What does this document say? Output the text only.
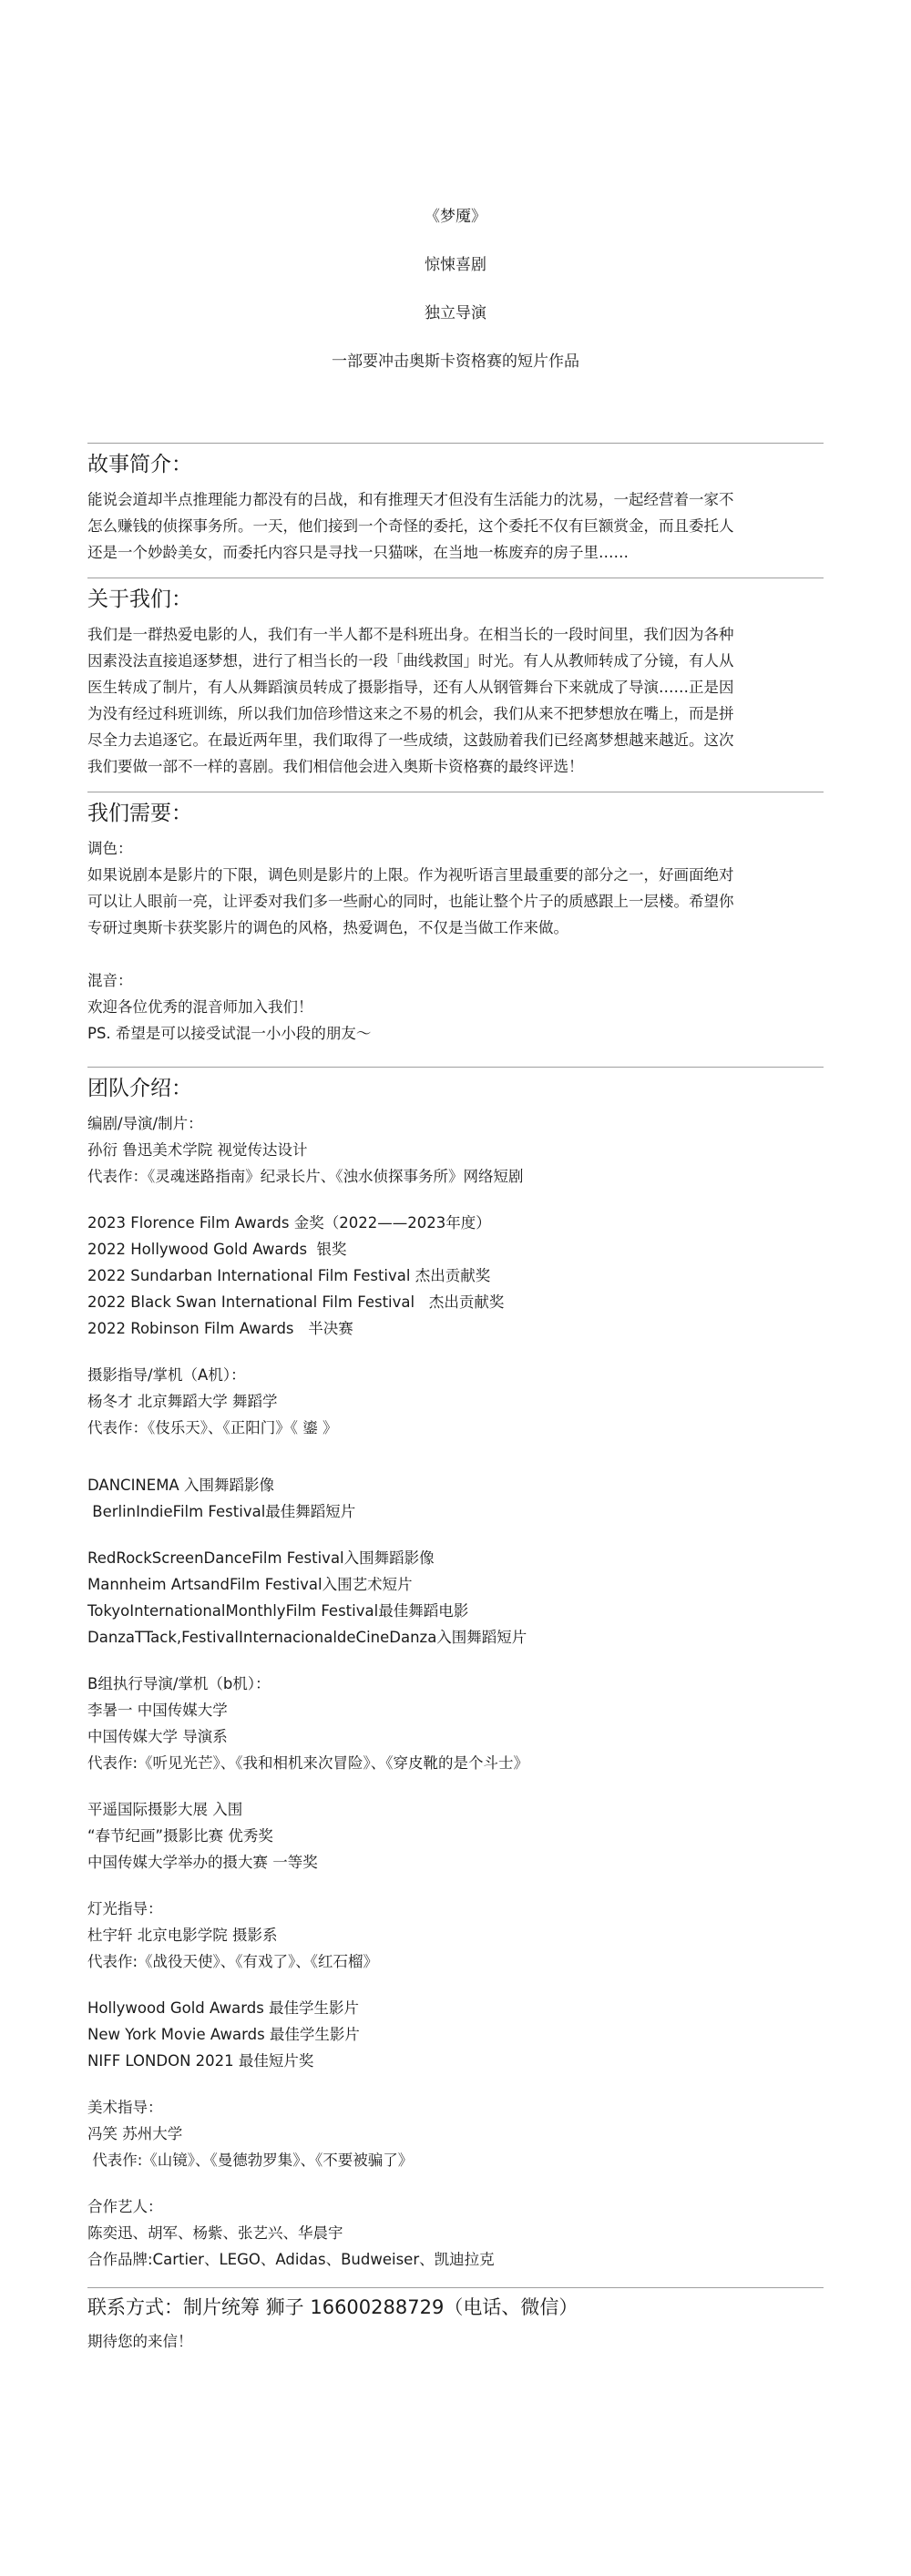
《梦魇》

惊悚喜剧

独立导演

一部要冲击奥斯卡资格赛的短片作品

故事简介：

能说会道却半点推理能力都没有的吕战，和有推理天才但没有生活能力的沈易，一起经营着一家不
怎么赚钱的侦探事务所。一天，他们接到一个奇怪的委托，这个委托不仅有巨额赏金，而且委托人
还是一个妙龄美女，而委托内容只是寻找一只猫咪，在当地一栋废弃的房子里……

关于我们：

我们是一群热爱电影的人，我们有一半人都不是科班出身。在相当长的一段时间里，我们因为各种
因素没法直接追逐梦想，进行了相当长的一段「曲线救国」时光。有人从教师转成了分镜，有人从
医生转成了制片，有人从舞蹈演员转成了摄影指导，还有人从钢管舞台下来就成了导演……正是因
为没有经过科班训练，所以我们加倍珍惜这来之不易的机会，我们从来不把梦想放在嘴上，而是拼
尽全力去追逐它。在最近两年里，我们取得了一些成绩，这鼓励着我们已经离梦想越来越近。这次
我们要做一部不一样的喜剧。我们相信他会进入奥斯卡资格赛的最终评选！

我们需要：

调色：

如果说剧本是影片的下限，调色则是影片的上限。作为视听语言里最重要的部分之一，好画面绝对
可以让人眼前一亮，让评委对我们多一些耐心的同时，也能让整个片子的质感跟上一层楼。希望你
专研过奥斯卡获奖影片的调色的风格，热爱调色，不仅是当做工作来做。

混音：

欢迎各位优秀的混音师加入我们！

PS. 希望是可以接受试混一小小段的朋友～

团队介绍：

编剧/导演/制片：

孙衍 鲁迅美术学院 视觉传达设计

代表作：《灵魂迷路指南》纪录长片、《浊水侦探事务所》网络短剧

2023 Florence Film Awards 金奖（2022——2023年度）

2022 Hollywood Gold Awards  银奖

2022 Sundarban International Film Festival 杰出贡献奖

2022 Black Swan International Film Festival   杰出贡献奖

2022 Robinson Film Awards   半决赛

摄影指导/掌机（A机）：

杨冬才 北京舞蹈大学 舞蹈学

代表作：《伎乐天》、《正阳门》《 鎏 》

DANCINEMA 入围舞蹈影像

BerlinIndieFilm Festival最佳舞蹈短片

RedRockScreenDanceFilm Festival入围舞蹈影像

Mannheim ArtsandFilm Festival入围艺术短片

TokyoInternationalMonthlyFilm Festival最佳舞蹈电影

DanzaTTack,FestivalInternacionaldeCineDanza入围舞蹈短片

B组执行导演/掌机（b机）：

李暑一 中国传媒大学

中国传媒大学 导演系

代表作:《听见光芒》、《我和相机来次冒险》、《穿皮靴的是个斗士》

平遥国际摄影大展 入围

“春节纪画”摄影比赛 优秀奖

中国传媒大学举办的摄大赛 一等奖

灯光指导：

杜宇轩 北京电影学院 摄影系

代表作:《战役天使》、《有戏了》、《红石榴》

Hollywood Gold Awards 最佳学生影片

New York Movie Awards 最佳学生影片

NIFF LONDON 2021 最佳短片奖

美术指导：

冯笑 苏州大学

代表作:《山镜》、《曼德勃罗集》、《不要被骗了》

合作艺人：

陈奕迅、胡军、杨紫、张艺兴、华晨宇

合作品牌:Cartier、LEGO、Adidas、Budweiser、凯迪拉克

联系方式：制片统筹 狮子 16600288729（电话、微信）

期待您的来信！
